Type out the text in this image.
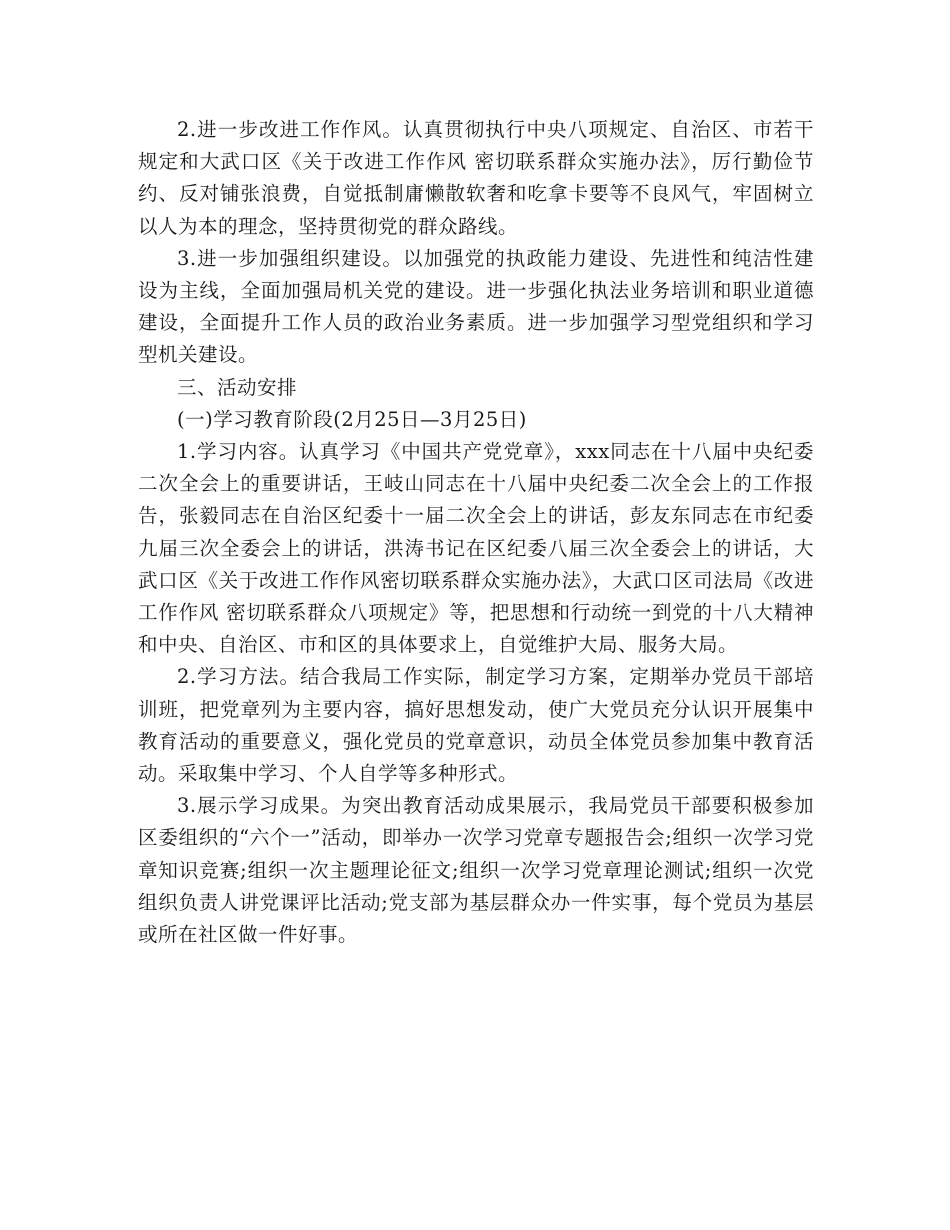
2.进一步改进工作作风。认真贯彻执行中央八项规定、自治区、市若干规定和大武口区《关于改进工作作风 密切联系群众实施办法》，厉行勤俭节约、反对铺张浪费，自觉抵制庸懒散软奢和吃拿卡要等不良风气，牢固树立以人为本的理念，坚持贯彻党的群众路线。

3.进一步加强组织建设。以加强党的执政能力建设、先进性和纯洁性建设为主线，全面加强局机关党的建设。进一步强化执法业务培训和职业道德建设，全面提升工作人员的政治业务素质。进一步加强学习型党组织和学习型机关建设。

三、活动安排

(一)学习教育阶段(2月25日—3月25日)

1.学习内容。认真学习《中国共产党党章》，xxx同志在十八届中央纪委二次全会上的重要讲话，王岐山同志在十八届中央纪委二次全会上的工作报告，张毅同志在自治区纪委十一届二次全会上的讲话，彭友东同志在市纪委九届三次全委会上的讲话，洪涛书记在区纪委八届三次全委会上的讲话，大武口区《关于改进工作作风密切联系群众实施办法》，大武口区司法局《改进工作作风 密切联系群众八项规定》等，把思想和行动统一到党的十八大精神和中央、自治区、市和区的具体要求上，自觉维护大局、服务大局。

2.学习方法。结合我局工作实际，制定学习方案，定期举办党员干部培训班，把党章列为主要内容，搞好思想发动，使广大党员充分认识开展集中教育活动的重要意义，强化党员的党章意识，动员全体党员参加集中教育活动。采取集中学习、个人自学等多种形式。

3.展示学习成果。为突出教育活动成果展示，我局党员干部要积极参加区委组织的“六个一”活动，即举办一次学习党章专题报告会;组织一次学习党章知识竞赛;组织一次主题理论征文;组织一次学习党章理论测试;组织一次党组织负责人讲党课评比活动;党支部为基层群众办一件实事，每个党员为基层或所在社区做一件好事。
